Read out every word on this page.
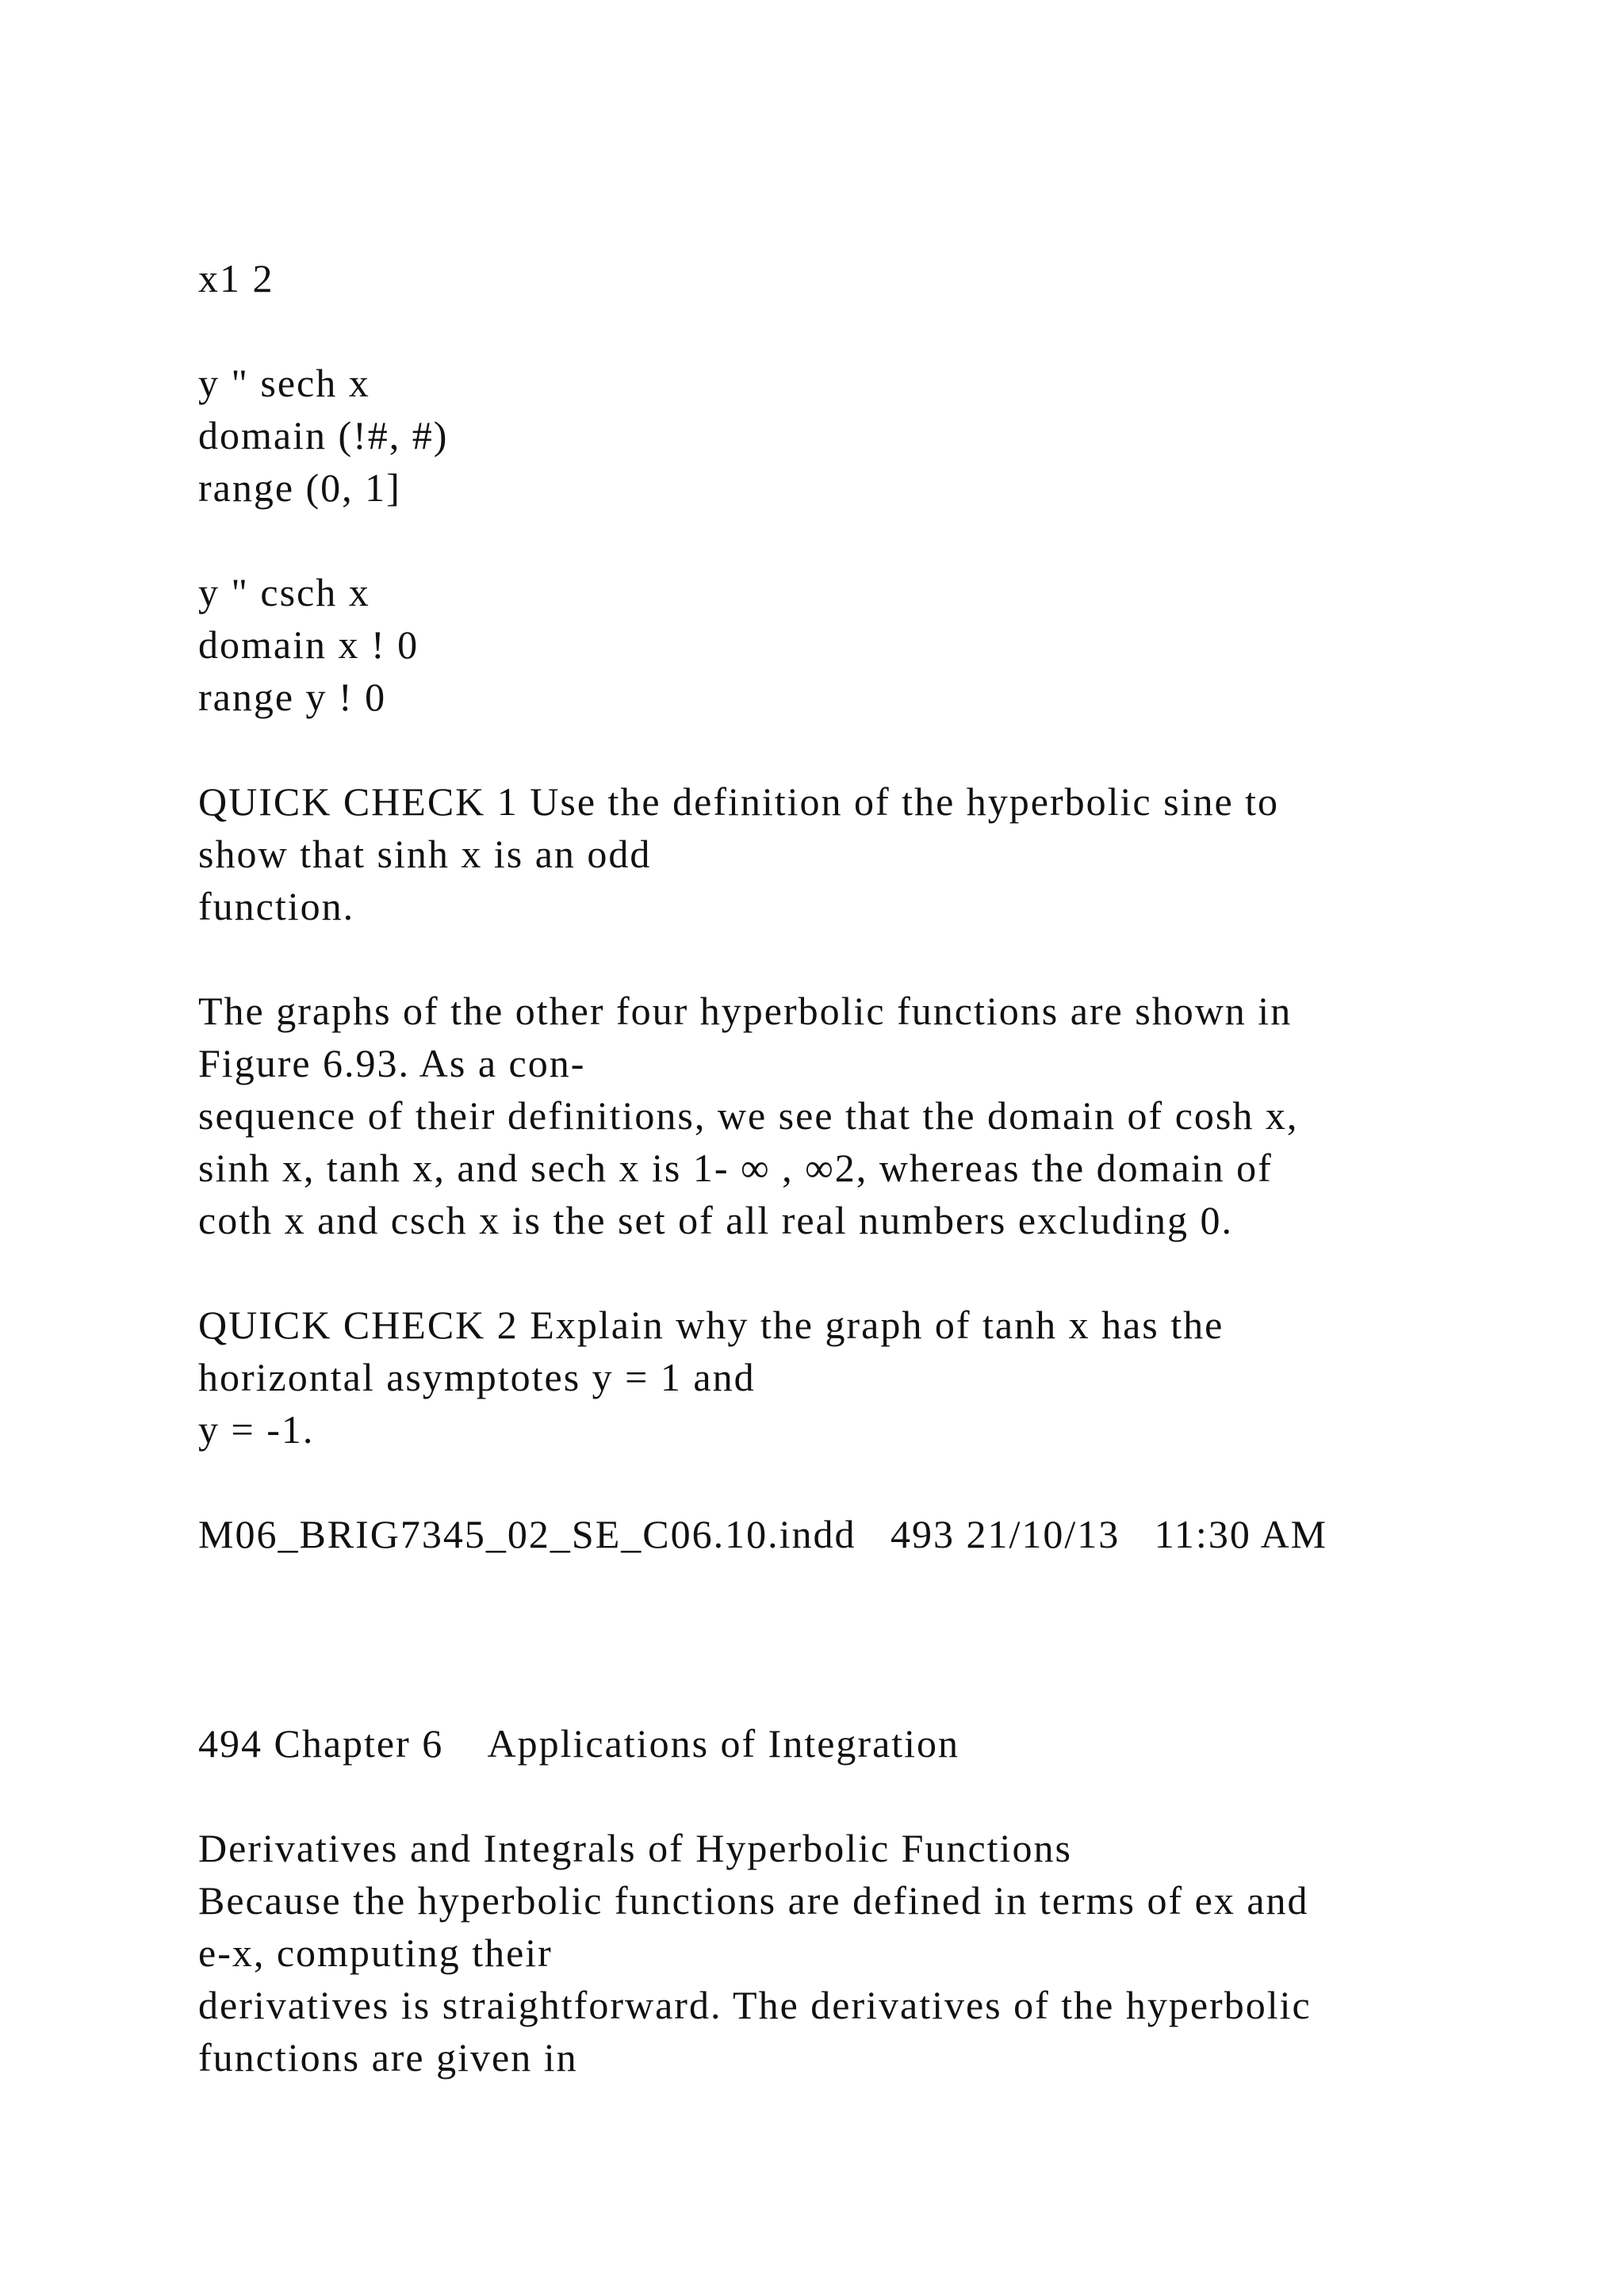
x1 2
y " sech x
domain (!#, #)
range (0, 1]
y " csch x
domain x ! 0
range y ! 0
QUICK CHECK 1 Use the definition of the hyperbolic sine to
show that sinh x is an odd
function.
The graphs of the other four hyperbolic functions are shown in
Figure 6.93. As a con-
sequence of their definitions, we see that the domain of cosh x,
sinh x, tanh x, and sech x is 1- ∞ , ∞2, whereas the domain of
coth x and csch x is the set of all real numbers excluding 0.
QUICK CHECK 2 Explain why the graph of tanh x has the
horizontal asymptotes y = 1 and
y = -1.
M06_BRIG7345_02_SE_C06.10.indd   493 21/10/13   11:30 AM
494 Chapter 6    Applications of Integration
Derivatives and Integrals of Hyperbolic Functions
Because the hyperbolic functions are defined in terms of ex and
e-x, computing their
derivatives is straightforward. The derivatives of the hyperbolic
functions are given in
